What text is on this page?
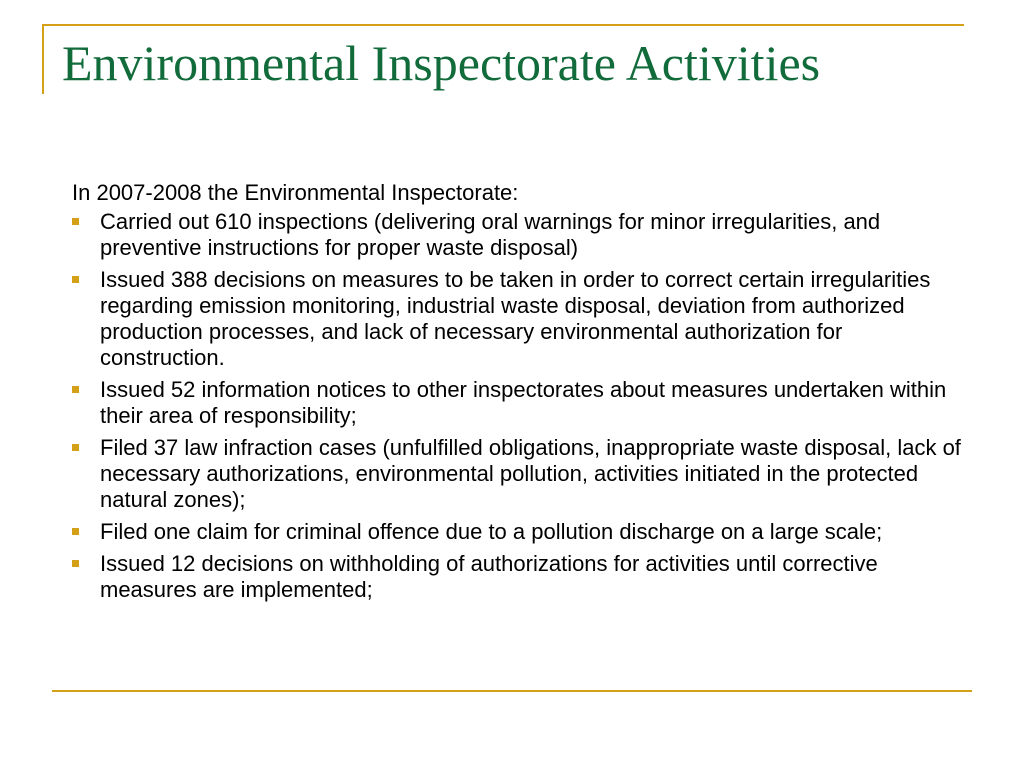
Environmental Inspectorate Activities

In 2007-2008 the Environmental Inspectorate:

Carried out 610 inspections (delivering oral warnings for minor irregularities, and preventive instructions for proper waste disposal)
Issued 388 decisions on measures to be taken in order to correct certain irregularities regarding emission monitoring, industrial waste disposal, deviation from authorized production processes, and lack of necessary environmental authorization for construction.
Issued 52 information notices to other inspectorates about measures undertaken within their area of responsibility;
Filed 37 law infraction cases (unfulfilled obligations, inappropriate waste disposal, lack of necessary authorizations, environmental pollution, activities initiated in the protected natural zones);
Filed one claim for criminal offence due to a pollution discharge on a large scale;
Issued 12 decisions on withholding of authorizations for activities until corrective measures are implemented;
